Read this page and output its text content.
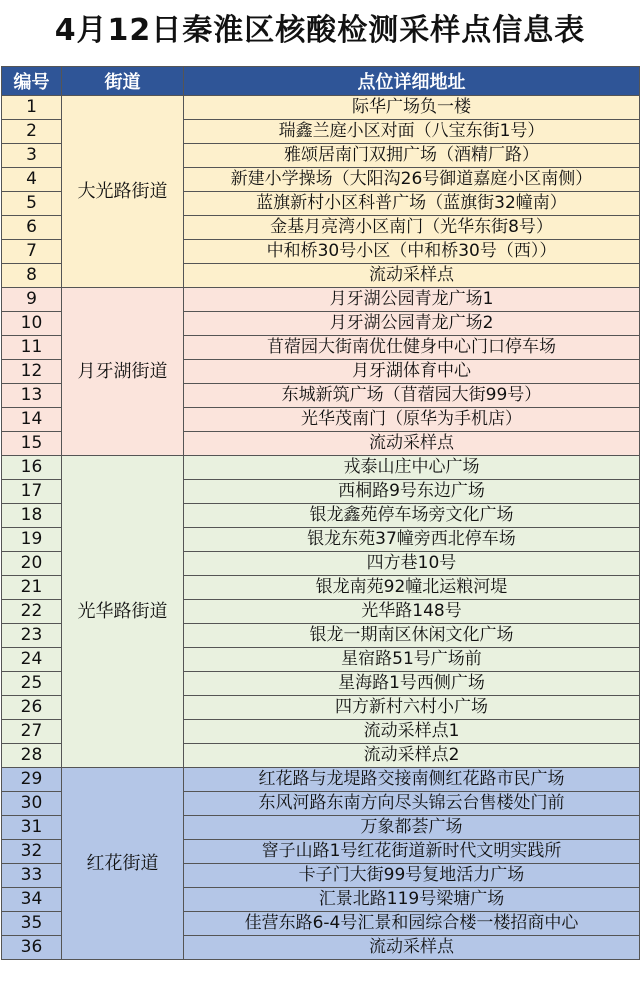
4月12日秦淮区核酸检测采样点信息表
编号	街道	点位详细地址
1	大光路街道	际华广场负一楼
2		瑞鑫兰庭小区对面（八宝东街1号）
3		雅颂居南门双拥广场（酒精厂路）
4		新建小学操场（大阳沟26号御道嘉庭小区南侧）
5		蓝旗新村小区科普广场（蓝旗街32幢南）
6		金基月亮湾小区南门（光华东街8号）
7		中和桥30号小区（中和桥30号（西））
8		流动采样点
9	月牙湖街道	月牙湖公园青龙广场1
10		月牙湖公园青龙广场2
11		苜蓿园大街南优仕健身中心门口停车场
12		月牙湖体育中心
13		东城新筑广场（苜蓿园大街99号）
14		光华茂南门（原华为手机店）
15		流动采样点
16	光华路街道	戎泰山庄中心广场
17		西桐路9号东边广场
18		银龙鑫苑停车场旁文化广场
19		银龙东苑37幢旁西北停车场
20		四方巷10号
21		银龙南苑92幢北运粮河堤
22		光华路148号
23		银龙一期南区休闲文化广场
24		星宿路51号广场前
25		星海路1号西侧广场
26		四方新村六村小广场
27		流动采样点1
28		流动采样点2
29	红花街道	红花路与龙堤路交接南侧红花路市民广场
30		东风河路东南方向尽头锦云台售楼处门前
31		万象都荟广场
32		窨子山路1号红花街道新时代文明实践所
33		卡子门大街99号复地活力广场
34		汇景北路119号梁塘广场
35		佳营东路6-4号汇景和园综合楼一楼招商中心
36		流动采样点
